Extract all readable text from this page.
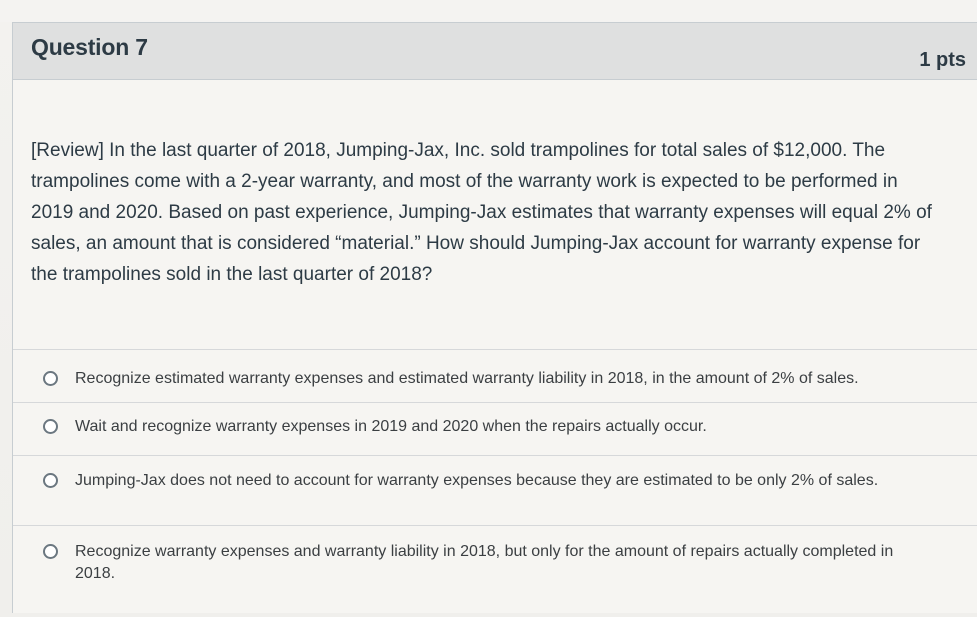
Question 7	1 pts
[Review] In the last quarter of 2018, Jumping-Jax, Inc. sold trampolines for total sales of $12,000. The trampolines come with a 2-year warranty, and most of the warranty work is expected to be performed in 2019 and 2020. Based on past experience, Jumping-Jax estimates that warranty expenses will equal 2% of sales, an amount that is considered “material.” How should Jumping-Jax account for warranty expense for the trampolines sold in the last quarter of 2018?
Recognize estimated warranty expenses and estimated warranty liability in 2018, in the amount of 2% of sales.
Wait and recognize warranty expenses in 2019 and 2020 when the repairs actually occur.
Jumping-Jax does not need to account for warranty expenses because they are estimated to be only 2% of sales.
Recognize warranty expenses and warranty liability in 2018, but only for the amount of repairs actually completed in 2018.
